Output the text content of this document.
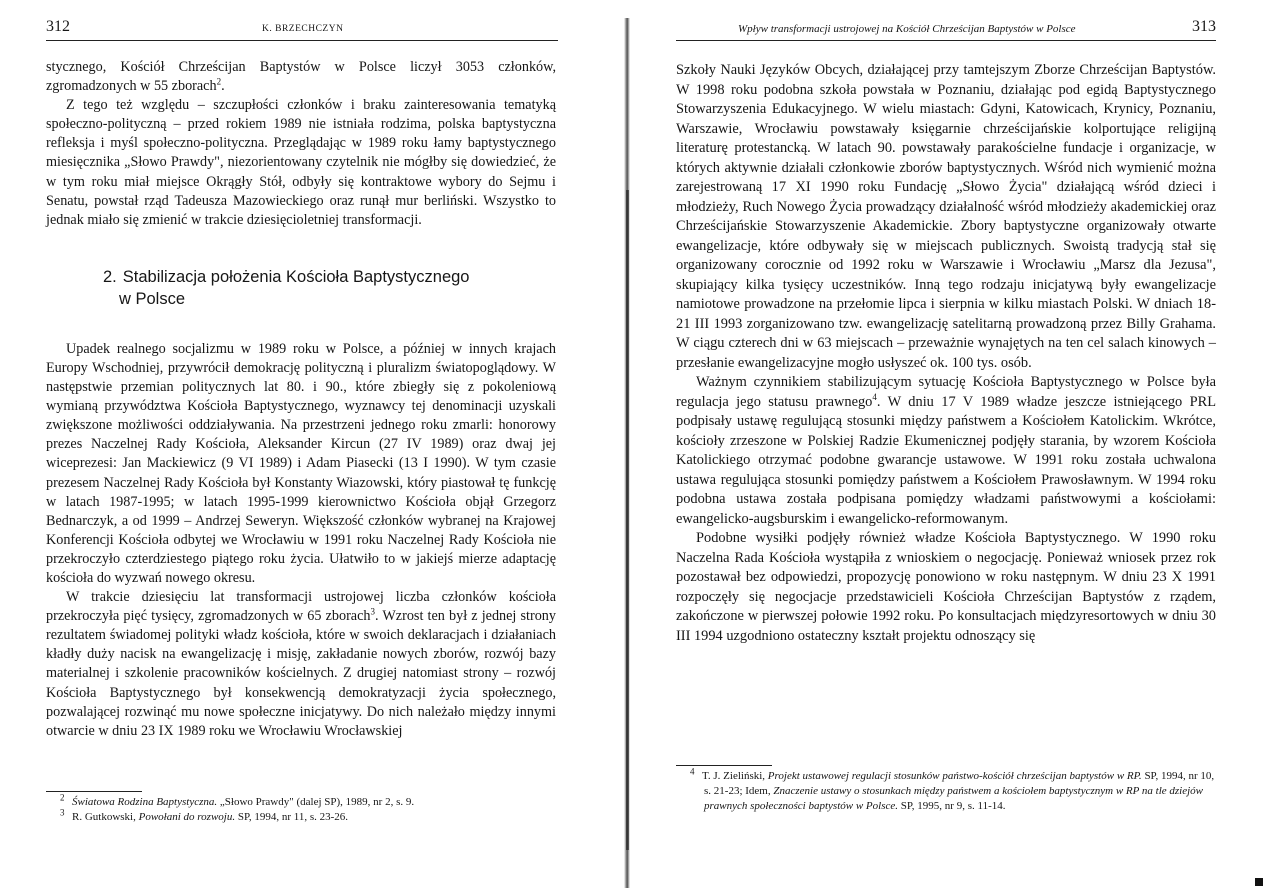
312	K. BRZECHCZYN

stycznego, Kościół Chrześcijan Baptystów w Polsce liczył 3053 członków, zgromadzonych w 55 zborach$^2$.

Z tego też względu – szczupłości członków i braku zainteresowania tematyką społeczno-polityczną – przed rokiem 1989 nie istniała rodzima, polska baptystyczna refleksja i myśl społeczno-polityczna. Przeglądając w 1989 roku łamy baptystycznego miesięcznika „Słowo Prawdy", niezorientowany czytelnik nie mógłby się dowiedzieć, że w tym roku miał miejsce Okrągły Stół, odbyły się kontraktowe wybory do Sejmu i Senatu, powstał rząd Tadeusza Mazowieckiego oraz runął mur berliński. Wszystko to jednak miało się zmienić w trakcie dziesięcioletniej transformacji.

2. Stabilizacja położenia Kościoła Baptystycznego
w Polsce

Upadek realnego socjalizmu w 1989 roku w Polsce, a później w innych krajach Europy Wschodniej, przywrócił demokrację polityczną i pluralizm światopoglądowy. W następstwie przemian politycznych lat 80. i 90., które zbiegły się z pokoleniową wymianą przywództwa Kościoła Baptystycznego, wyznawcy tej denominacji uzyskali zwiększone możliwości oddziaływania. Na przestrzeni jednego roku zmarli: honorowy prezes Naczelnej Rady Kościoła, Aleksander Kircun (27 IV 1989) oraz dwaj jej wiceprezesi: Jan Mackiewicz (9 VI 1989) i Adam Piasecki (13 I 1990). W tym czasie prezesem Naczelnej Rady Kościoła był Konstanty Wiazowski, który piastował tę funkcję w latach 1987-1995; w latach 1995-1999 kierownictwo Kościoła objął Grzegorz Bednarczyk, a od 1999 – Andrzej Seweryn. Większość członków wybranej na Krajowej Konferencji Kościoła odbytej we Wrocławiu w 1991 roku Naczelnej Rady Kościoła nie przekroczyło czterdziestego piątego roku życia. Ułatwiło to w jakiejś mierze adaptację kościoła do wyzwań nowego okresu.

W trakcie dziesięciu lat transformacji ustrojowej liczba członków kościoła przekroczyła pięć tysięcy, zgromadzonych w 65 zborach$^3$. Wzrost ten był z jednej strony rezultatem świadomej polityki władz kościoła, które w swoich deklaracjach i działaniach kładły duży nacisk na ewangelizację i misję, zakładanie nowych zborów, rozwój bazy materialnej i szkolenie pracowników kościelnych. Z drugiej natomiast strony – rozwój Kościoła Baptystycznego był konsekwencją demokratyzacji życia społecznego, pozwalającej rozwinąć mu nowe społeczne inicjatywy. Do nich należało między innymi otwarcie w dniu 23 IX 1989 roku we Wrocławiu Wrocławskiej

$^2$ Światowa Rodzina Baptystyczna. „Słowo Prawdy" (dalej SP), 1989, nr 2, s. 9.

$^3$ R. Gutkowski, Powołani do rozwoju. SP, 1994, nr 11, s. 23-26.

Wpływ transformacji ustrojowej na Kościół Chrześcijan Baptystów w Polsce	313

Szkoły Nauki Języków Obcych, działającej przy tamtejszym Zborze Chrześcijan Baptystów. W 1998 roku podobna szkoła powstała w Poznaniu, działając pod egidą Baptystycznego Stowarzyszenia Edukacyjnego. W wielu miastach: Gdyni, Katowicach, Krynicy, Poznaniu, Warszawie, Wrocławiu powstawały księgarnie chrześcijańskie kolportujące religijną literaturę protestancką. W latach 90. powstawały parakościelne fundacje i organizacje, w których aktywnie działali członkowie zborów baptystycznych. Wśród nich wymienić można zarejestrowaną 17 XI 1990 roku Fundację „Słowo Życia" działającą wśród dzieci i młodzieży, Ruch Nowego Życia prowadzący działalność wśród młodzieży akademickiej oraz Chrześcijańskie Stowarzyszenie Akademickie. Zbory baptystyczne organizowały otwarte ewangelizacje, które odbywały się w miejscach publicznych. Swoistą tradycją stał się organizowany corocznie od 1992 roku w Warszawie i Wrocławiu „Marsz dla Jezusa", skupiający kilka tysięcy uczestników. Inną tego rodzaju inicjatywą były ewangelizacje namiotowe prowadzone na przełomie lipca i sierpnia w kilku miastach Polski. W dniach 18-21 III 1993 zorganizowano tzw. ewangelizację satelitarną prowadzoną przez Billy Grahama. W ciągu czterech dni w 63 miejscach – przeważnie wynajętych na ten cel salach kinowych – przesłanie ewangelizacyjne mogło usłyszeć ok. 100 tys. osób.

Ważnym czynnikiem stabilizującym sytuację Kościoła Baptystycznego w Polsce była regulacja jego statusu prawnego$^4$. W dniu 17 V 1989 władze jeszcze istniejącego PRL podpisały ustawę regulującą stosunki między państwem a Kościołem Katolickim. Wkrótce, kościoły zrzeszone w Polskiej Radzie Ekumenicznej podjęły starania, by wzorem Kościoła Katolickiego otrzymać podobne gwarancje ustawowe. W 1991 roku została uchwalona ustawa regulująca stosunki pomiędzy państwem a Kościołem Prawosławnym. W 1994 roku podobna ustawa została podpisana pomiędzy władzami państwowymi a kościołami: ewangelicko-augsburskim i ewangelicko-reformowanym.

Podobne wysiłki podjęły również władze Kościoła Baptystycznego. W 1990 roku Naczelna Rada Kościoła wystąpiła z wnioskiem o negocjację. Ponieważ wniosek przez rok pozostawał bez odpowiedzi, propozycję ponowiono w roku następnym. W dniu 23 X 1991 rozpoczęły się negocjacje przedstawicieli Kościoła Chrześcijan Baptystów z rządem, zakończone w pierwszej połowie 1992 roku. Po konsultacjach międzyresortowych w dniu 30 III 1994 uzgodniono ostateczny kształt projektu odnoszący się

$^4$ T. J. Zieliński, Projekt ustawowej regulacji stosunków państwo-kościół chrześcijan baptystów w RP. SP, 1994, nr 10, s. 21-23; Idem, Znaczenie ustawy o stosunkach między państwem a kościołem baptystycznym w RP na tle dziejów prawnych społeczności baptystów w Polsce. SP, 1995, nr 9, s. 11-14.
